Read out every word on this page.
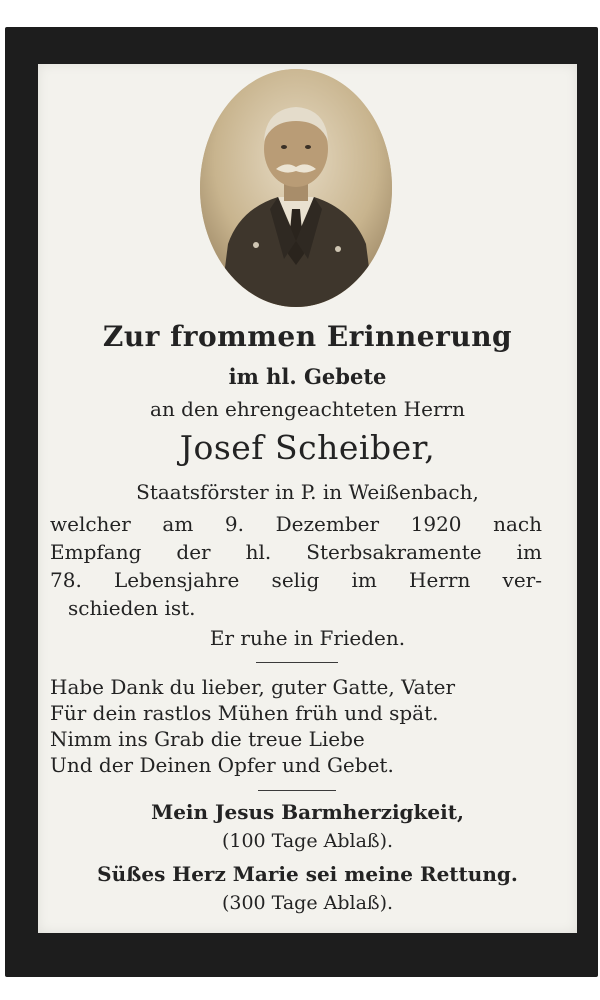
Zur frommen Erinnerung
im hl. Gebete
an den ehrengeachteten Herrn
Josef Scheiber,
Staatsförster in P. in Weißenbach,
welcher am 9. Dezember 1920 nach
Empfang der hl. Sterbsakramente im
78. Lebensjahre selig im Herrn ver-
schieden ist.
Er ruhe in Frieden.
Habe Dank du lieber, guter Gatte, Vater
Für dein rastlos Mühen früh und spät.
Nimm ins Grab die treue Liebe
Und der Deinen Opfer und Gebet.
Mein Jesus Barmherzigkeit,
(100 Tage Ablaß).
Süßes Herz Marie sei meine Rettung.
(300 Tage Ablaß).
